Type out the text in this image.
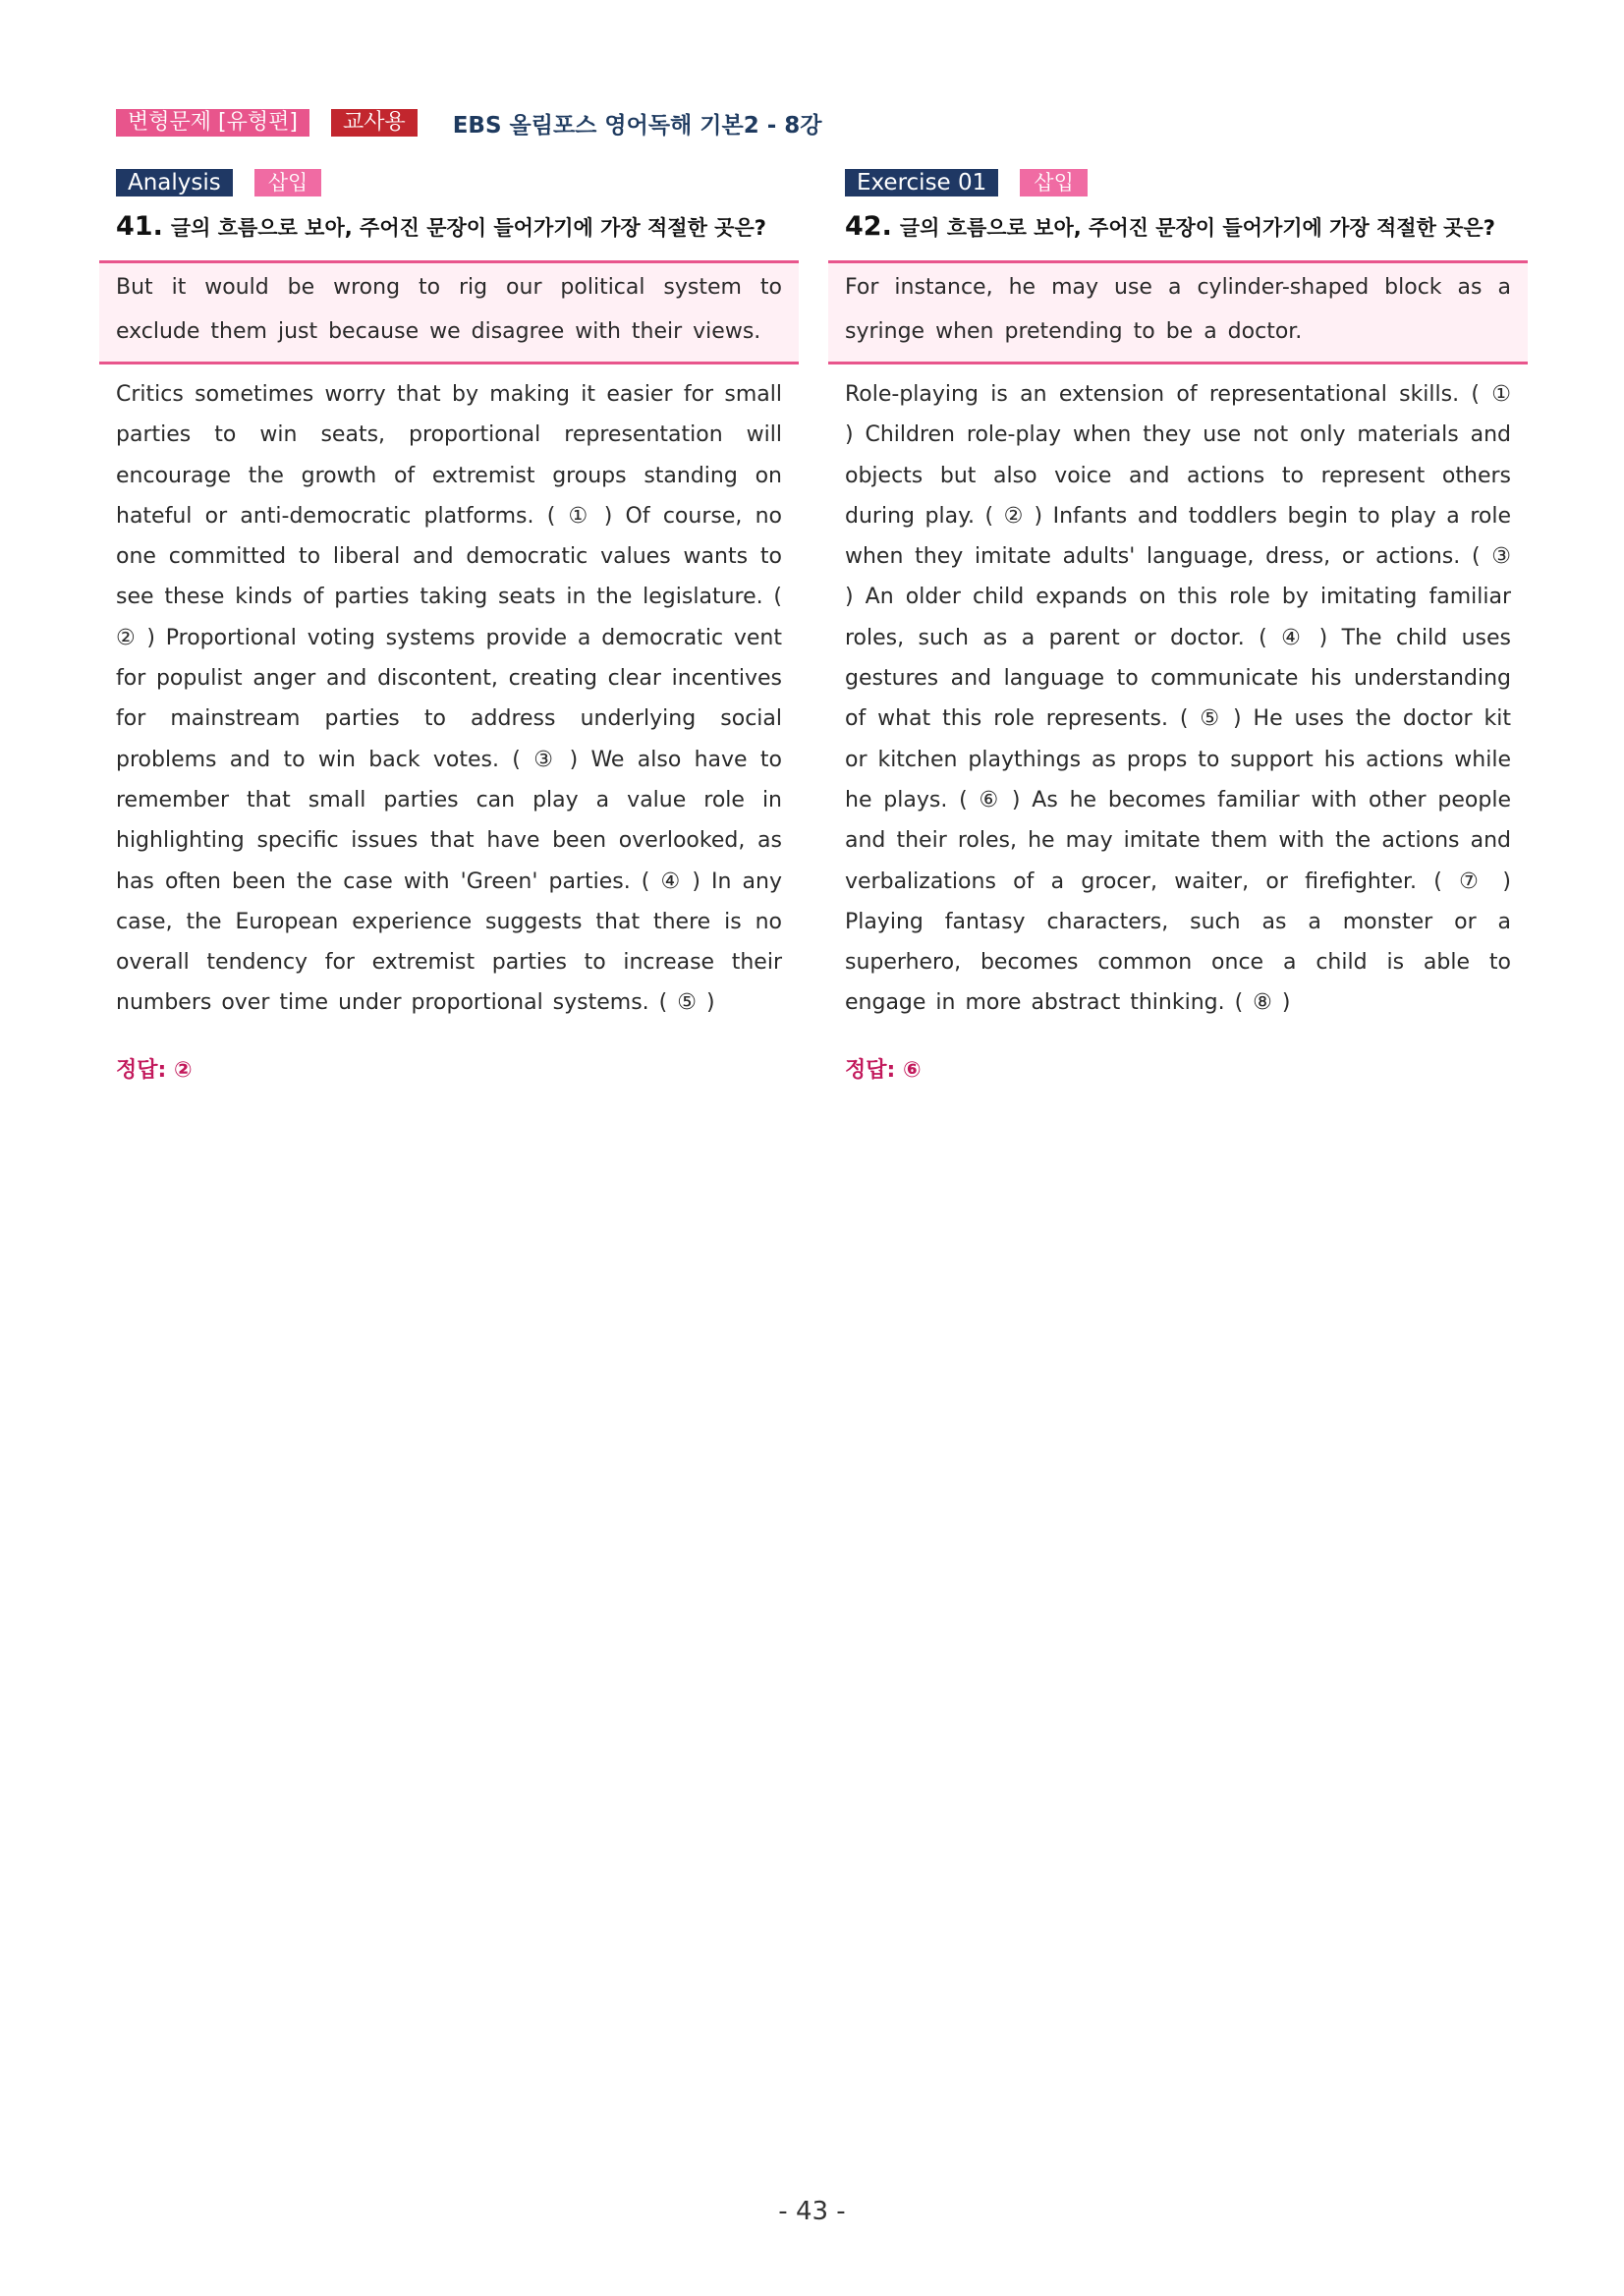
변형문제 [유형편]	교사용	EBS 올림포스 영어독해 기본2 - 8강
Analysis	삽입
41. 글의 흐름으로 보아, 주어진 문장이 들어가기에 가장 적절한 곳은?

But it would be wrong to rig our political system to exclude them just because we disagree with their views.

Critics sometimes worry that by making it easier for small parties to win seats, proportional representation will encourage the growth of extremist groups standing on hateful or anti-democratic platforms. ( ① ) Of course, no one committed to liberal and democratic values wants to see these kinds of parties taking seats in the legislature. ( ② ) Proportional voting systems provide a democratic vent for populist anger and discontent, creating clear incentives for mainstream parties to address underlying social problems and to win back votes. ( ③ ) We also have to remember that small parties can play a value role in highlighting specific issues that have been overlooked, as has often been the case with 'Green' parties. ( ④ ) In any case, the European experience suggests that there is no overall tendency for extremist parties to increase their numbers over time under proportional systems. ( ⑤ )
정답: ②
Exercise 01	삽입
42. 글의 흐름으로 보아, 주어진 문장이 들어가기에 가장 적절한 곳은?

For instance, he may use a cylinder-shaped block as a syringe when pretending to be a doctor.

Role-playing is an extension of representational skills. ( ① ) Children role-play when they use not only materials and objects but also voice and actions to represent others during play. ( ② ) Infants and toddlers begin to play a role when they imitate adults' language, dress, or actions. ( ③ ) An older child expands on this role by imitating familiar roles, such as a parent or doctor. ( ④ ) The child uses gestures and language to communicate his understanding of what this role represents. ( ⑤ ) He uses the doctor kit or kitchen playthings as props to support his actions while he plays. ( ⑥ ) As he becomes familiar with other people and their roles, he may imitate them with the actions and verbalizations of a grocer, waiter, or firefighter. ( ⑦ ) Playing fantasy characters, such as a monster or a superhero, becomes common once a child is able to engage in more abstract thinking. ( ⑧ )
정답: ⑥
- 43 -
